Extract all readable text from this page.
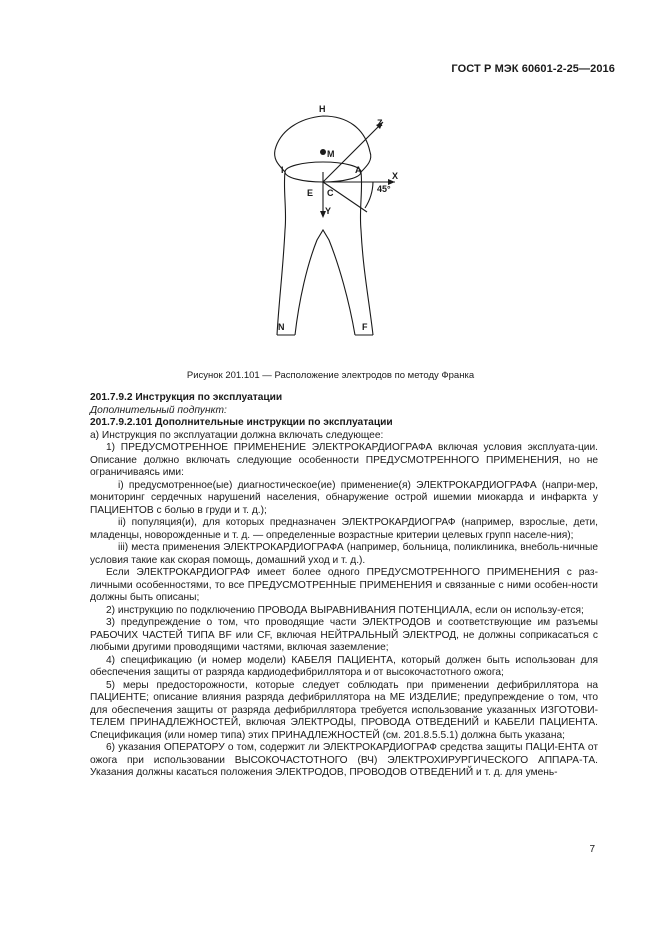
ГОСТ Р МЭК 60601-2-25—2016
H
Z
M
I	A
X
E C
Y
45°
N	F
Рисунок 201.101 — Расположение электродов по методу Франка

201.7.9.2 Инструкция по эксплуатации

Дополнительный подпункт:

201.7.9.2.101 Дополнительные инструкции по эксплуатации

а) Инструкция по эксплуатации должна включать следующее:

1) ПРЕДУСМОТРЕННОЕ ПРИМЕНЕНИЕ ЭЛЕКТРОКАРДИОГРАФА включая условия эксплуата-ции. Описание должно включать следующие особенности ПРЕДУСМОТРЕННОГО ПРИМЕНЕНИЯ, но не ограничиваясь ими:

i) предусмотренное(ые) диагностическое(ие) применение(я) ЭЛЕКТРОКАРДИОГРАФА (напри-мер, мониторинг сердечных нарушений населения, обнаружение острой ишемии миокарда и инфаркта у ПАЦИЕНТОВ с болью в груди и т. д.);

ii) популяция(и), для которых предназначен ЭЛЕКТРОКАРДИОГРАФ (например, взрослые, дети, младенцы, новорожденные и т. д. — определенные возрастные критерии целевых групп населе-ния);

iii) места применения ЭЛЕКТРОКАРДИОГРАФА (например, больница, поликлиника, внеболь-ничные условия такие как скорая помощь, домашний уход и т. д.).

Если ЭЛЕКТРОКАРДИОГРАФ имеет более одного ПРЕДУСМОТРЕННОГО ПРИМЕНЕНИЯ с раз-личными особенностями, то все ПРЕДУСМОТРЕННЫЕ ПРИМЕНЕНИЯ и связанные с ними особен-ности должны быть описаны;

2) инструкцию по подключению ПРОВОДА ВЫРАВНИВАНИЯ ПОТЕНЦИАЛА, если он использу-ется;

3) предупреждение о том, что проводящие части ЭЛЕКТРОДОВ и соответствующие им разъемы РАБОЧИХ ЧАСТЕЙ ТИПА BF или CF, включая НЕЙТРАЛЬНЫЙ ЭЛЕКТРОД, не должны соприкасаться с любыми другими проводящими частями, включая заземление;

4) спецификацию (и номер модели) КАБЕЛЯ ПАЦИЕНТА, который должен быть использован для обеспечения защиты от разряда кардиодефибриллятора и от высокочастотного ожога;

5) меры предосторожности, которые следует соблюдать при применении дефибриллятора на ПАЦИЕНТЕ; описание влияния разряда дефибриллятора на МЕ ИЗДЕЛИЕ; предупреждение о том, что для обеспечения защиты от разряда дефибриллятора требуется использование указанных ИЗГОТОВИ-ТЕЛЕМ ПРИНАДЛЕЖНОСТЕЙ, включая ЭЛЕКТРОДЫ, ПРОВОДА ОТВЕДЕНИЙ и КАБЕЛИ ПАЦИЕНТА. Спецификация (или номер типа) этих ПРИНАДЛЕЖНОСТЕЙ (см. 201.8.5.5.1) должна быть указана;

6) указания ОПЕРАТОРУ о том, содержит ли ЭЛЕКТРОКАРДИОГРАФ средства защиты ПАЦИ-ЕНТА от ожога при использовании ВЫСОКОЧАСТОТНОГО (ВЧ) ЭЛЕКТРОХИРУРГИЧЕСКОГО АППАРА-ТА. Указания должны касаться положения ЭЛЕКТРОДОВ, ПРОВОДОВ ОТВЕДЕНИЙ и т. д. для умень-

7
